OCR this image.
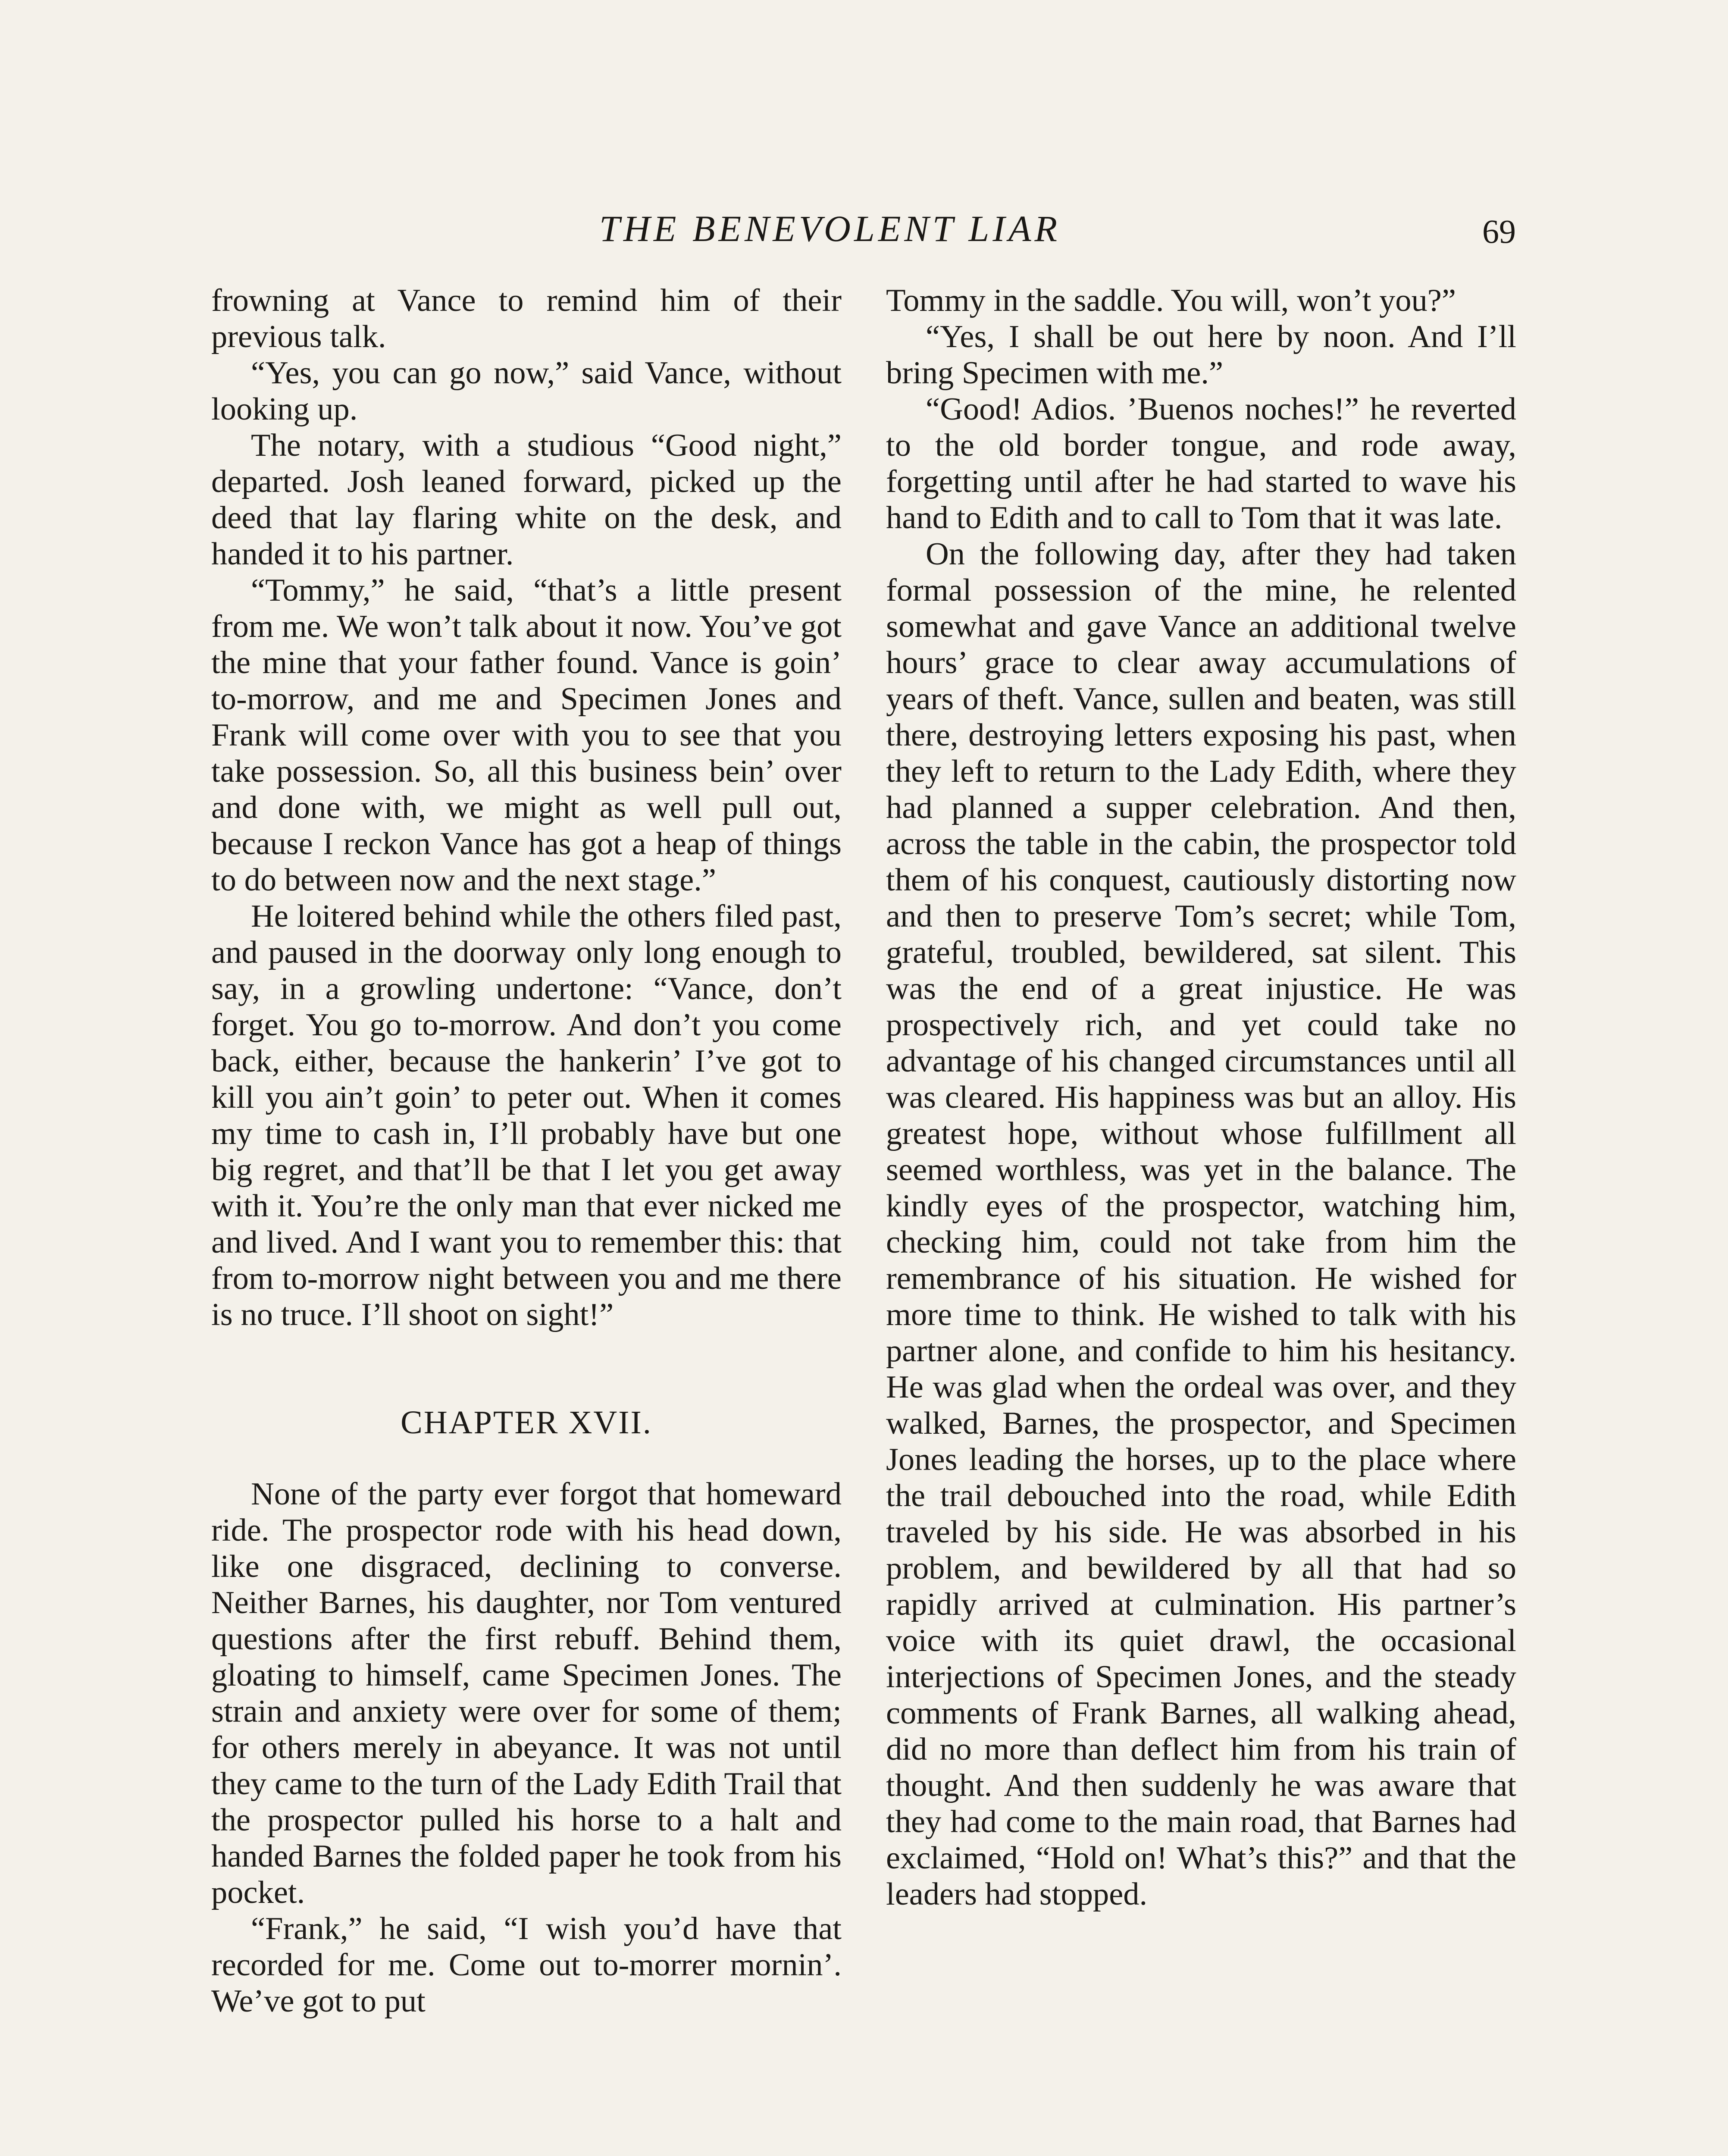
THE BENEVOLENT LIAR	69

frowning at Vance to remind him of their previous talk.

“Yes, you can go now,” said Vance, without looking up.

The notary, with a studious “Good night,” departed. Josh leaned forward, picked up the deed that lay flaring white on the desk, and handed it to his partner.

“Tommy,” he said, “that’s a little present from me. We won’t talk about it now. You’ve got the mine that your father found. Vance is goin’ to-morrow, and me and Specimen Jones and Frank will come over with you to see that you take possession. So, all this business bein’ over and done with, we might as well pull out, because I reckon Vance has got a heap of things to do between now and the next stage.”

He loitered behind while the others filed past, and paused in the doorway only long enough to say, in a growling undertone: “Vance, don’t forget. You go to-morrow. And don’t you come back, either, because the hankerin’ I’ve got to kill you ain’t goin’ to peter out. When it comes my time to cash in, I’ll probably have but one big regret, and that’ll be that I let you get away with it. You’re the only man that ever nicked me and lived. And I want you to remember this: that from to-morrow night between you and me there is no truce. I’ll shoot on sight!”

CHAPTER XVII.

None of the party ever forgot that homeward ride. The prospector rode with his head down, like one disgraced, declining to converse. Neither Barnes, his daughter, nor Tom ventured questions after the first rebuff. Behind them, gloating to himself, came Specimen Jones. The strain and anxiety were over for some of them; for others merely in abeyance. It was not until they came to the turn of the Lady Edith Trail that the prospector pulled his horse to a halt and handed Barnes the folded paper he took from his pocket.

“Frank,” he said, “I wish you’d have that recorded for me. Come out to-morrer mornin’. We’ve got to put

Tommy in the saddle. You will, won’t you?”

“Yes, I shall be out here by noon. And I’ll bring Specimen with me.”

“Good! Adios. ’Buenos noches!” he reverted to the old border tongue, and rode away, forgetting until after he had started to wave his hand to Edith and to call to Tom that it was late.

On the following day, after they had taken formal possession of the mine, he relented somewhat and gave Vance an additional twelve hours’ grace to clear away accumulations of years of theft. Vance, sullen and beaten, was still there, destroying letters exposing his past, when they left to return to the Lady Edith, where they had planned a supper celebration. And then, across the table in the cabin, the prospector told them of his conquest, cautiously distorting now and then to preserve Tom’s secret; while Tom, grateful, troubled, bewildered, sat silent. This was the end of a great injustice. He was prospectively rich, and yet could take no advantage of his changed circumstances until all was cleared. His happiness was but an alloy. His greatest hope, without whose fulfillment all seemed worthless, was yet in the balance. The kindly eyes of the prospector, watching him, checking him, could not take from him the remembrance of his situation. He wished for more time to think. He wished to talk with his partner alone, and confide to him his hesitancy. He was glad when the ordeal was over, and they walked, Barnes, the prospector, and Specimen Jones leading the horses, up to the place where the trail debouched into the road, while Edith traveled by his side. He was absorbed in his problem, and bewildered by all that had so rapidly arrived at culmination. His partner’s voice with its quiet drawl, the occasional interjections of Specimen Jones, and the steady comments of Frank Barnes, all walking ahead, did no more than deflect him from his train of thought. And then suddenly he was aware that they had come to the main road, that Barnes had exclaimed, “Hold on! What’s this?” and that the leaders had stopped.
